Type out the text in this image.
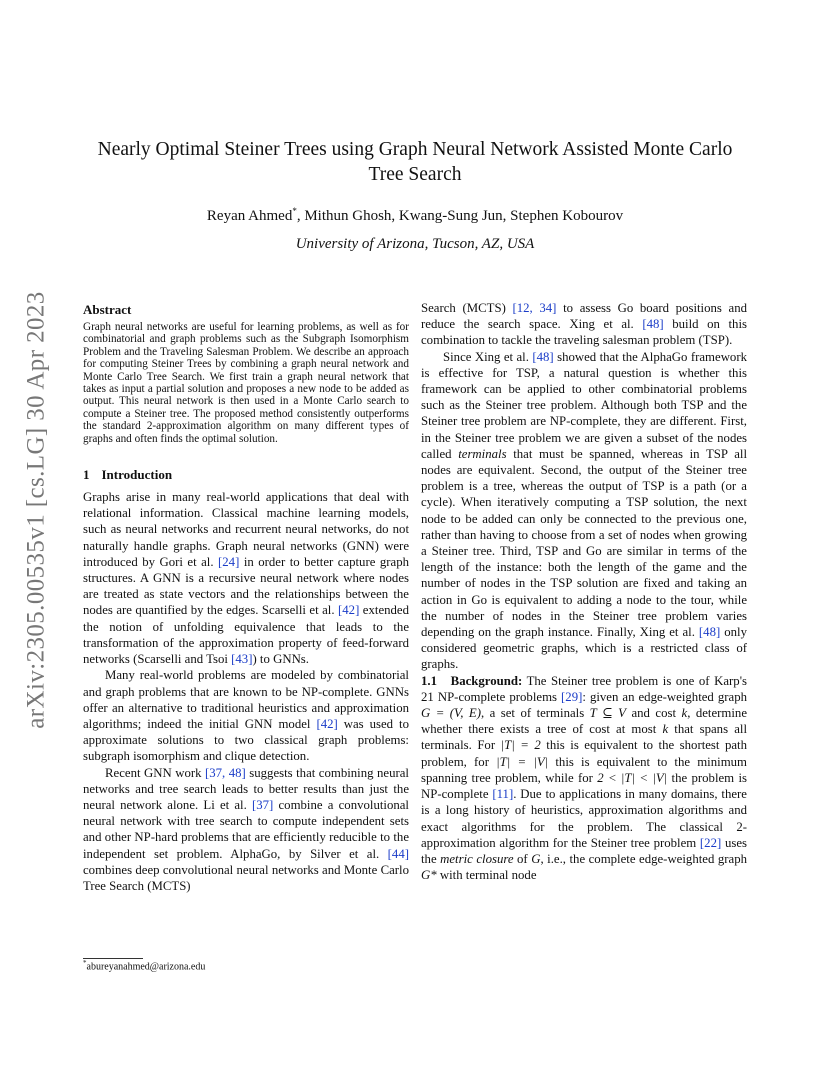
arXiv:2305.00535v1 [cs.LG] 30 Apr 2023
Nearly Optimal Steiner Trees using Graph Neural Network Assisted Monte Carlo Tree Search
Reyan Ahmed*, Mithun Ghosh, Kwang-Sung Jun, Stephen Kobourov
University of Arizona, Tucson, AZ, USA
Abstract

Graph neural networks are useful for learning problems, as well as for combinatorial and graph problems such as the Subgraph Isomorphism Problem and the Traveling Salesman Problem. We describe an approach for computing Steiner Trees by combining a graph neural network and Monte Carlo Tree Search. We first train a graph neural network that takes as input a partial solution and proposes a new node to be added as output. This neural network is then used in a Monte Carlo search to compute a Steiner tree. The proposed method consistently outperforms the standard 2-approximation algorithm on many different types of graphs and often finds the optimal solution.

1 Introduction

Graphs arise in many real-world applications that deal with relational information. Classical machine learning models, such as neural networks and recurrent neural networks, do not naturally handle graphs. Graph neural networks (GNN) were introduced by Gori et al. [24] in order to better capture graph structures. A GNN is a recursive neural network where nodes are treated as state vectors and the relationships between the nodes are quantified by the edges. Scarselli et al. [42] extended the notion of unfolding equivalence that leads to the transformation of the approximation property of feed-forward networks (Scarselli and Tsoi [43]) to GNNs.

Many real-world problems are modeled by combinatorial and graph problems that are known to be NP-complete. GNNs offer an alternative to traditional heuristics and approximation algorithms; indeed the initial GNN model [42] was used to approximate solutions to two classical graph problems: subgraph isomorphism and clique detection.

Recent GNN work [37, 48] suggests that combining neural networks and tree search leads to better results than just the neural network alone. Li et al. [37] combine a convolutional neural network with tree search to compute independent sets and other NP-hard problems that are efficiently reducible to the independent set problem. AlphaGo, by Silver et al. [44] combines deep convolutional neural networks and Monte Carlo Tree Search (MCTS)

Search (MCTS) [12, 34] to assess Go board positions and reduce the search space. Xing et al. [48] build on this combination to tackle the traveling salesman problem (TSP).

Since Xing et al. [48] showed that the AlphaGo framework is effective for TSP, a natural question is whether this framework can be applied to other combinatorial problems such as the Steiner tree problem. Although both TSP and the Steiner tree problem are NP-complete, they are different. First, in the Steiner tree problem we are given a subset of the nodes called terminals that must be spanned, whereas in TSP all nodes are equivalent. Second, the output of the Steiner tree problem is a tree, whereas the output of TSP is a path (or a cycle). When iteratively computing a TSP solution, the next node to be added can only be connected to the previous one, rather than having to choose from a set of nodes when growing a Steiner tree. Third, TSP and Go are similar in terms of the length of the instance: both the length of the game and the number of nodes in the TSP solution are fixed and taking an action in Go is equivalent to adding a node to the tour, while the number of nodes in the Steiner tree problem varies depending on the graph instance. Finally, Xing et al. [48] only considered geometric graphs, which is a restricted class of graphs.

1.1 Background: The Steiner tree problem is one of Karp's 21 NP-complete problems [29]: given an edge-weighted graph G = (V, E), a set of terminals T ⊆ V and cost k, determine whether there exists a tree of cost at most k that spans all terminals. For |T| = 2 this is equivalent to the shortest path problem, for |T| = |V| this is equivalent to the minimum spanning tree problem, while for 2 < |T| < |V| the problem is NP-complete [11]. Due to applications in many domains, there is a long history of heuristics, approximation algorithms and exact algorithms for the problem. The classical 2-approximation algorithm for the Steiner tree problem [22] uses the metric closure of G, i.e., the complete edge-weighted graph G* with terminal node

*abureyanahmed@arizona.edu
